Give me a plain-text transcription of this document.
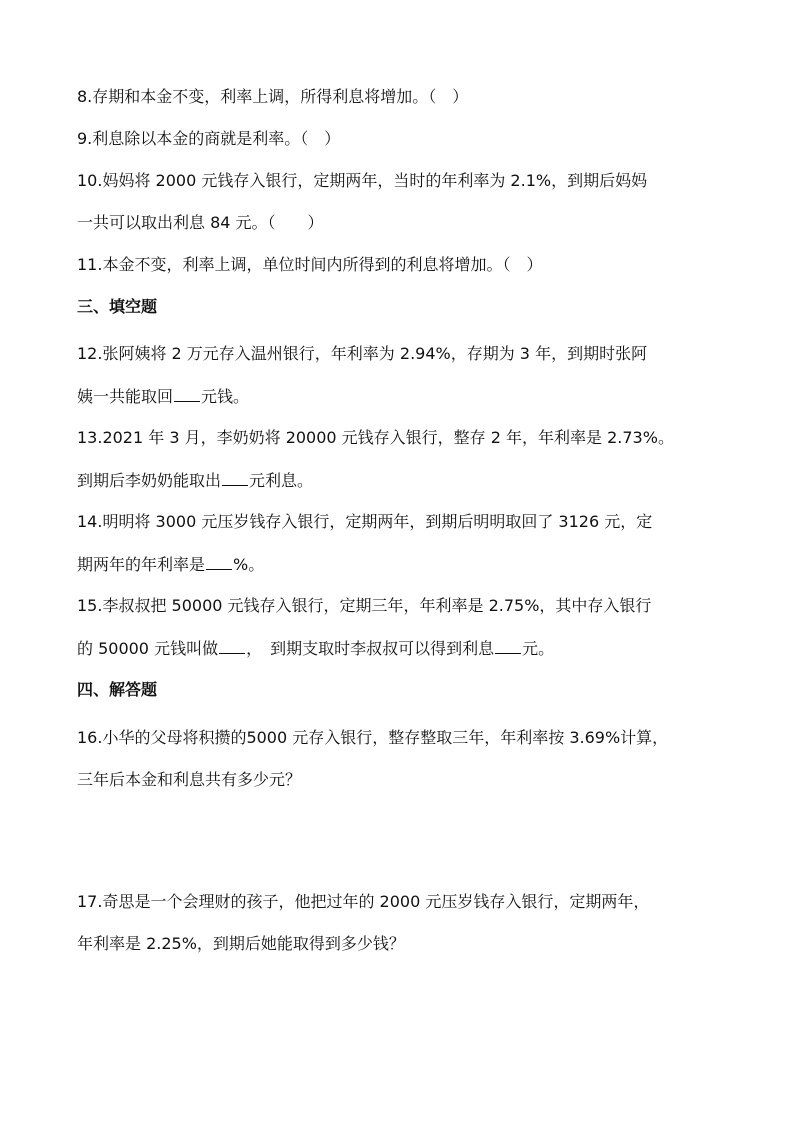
8.存期和本金不变，利率上调，所得利息将增加。（　）
9.利息除以本金的商就是利率。（　）
10.妈妈将 2000 元钱存入银行，定期两年，当时的年利率为 2.1%，到期后妈妈
一共可以取出利息 84 元。（　　）
11.本金不变，利率上调，单位时间内所得到的利息将增加。（　）
三、填空题
12.张阿姨将 2 万元存入温州银行，年利率为 2.94%，存期为 3 年，到期时张阿
姨一共能取回 元钱。
13.2021 年 3 月，李奶奶将 20000 元钱存入银行，整存 2 年，年利率是 2.73%。
到期后李奶奶能取出 元利息。
14.明明将 3000 元压岁钱存入银行，定期两年，到期后明明取回了 3126 元，定
期两年的年利率是 %。
15.李叔叔把 50000 元钱存入银行，定期三年，年利率是 2.75%，其中存入银行
的 50000 元钱叫做 ，　到期支取时李叔叔可以得到利息 元。
四、解答题
16.小华的父母将积攒的5000 元存入银行，整存整取三年，年利率按 3.69%计算，
三年后本金和利息共有多少元？
17.奇思是一个会理财的孩子，他把过年的 2000 元压岁钱存入银行，定期两年，
年利率是 2.25%，到期后她能取得到多少钱？
